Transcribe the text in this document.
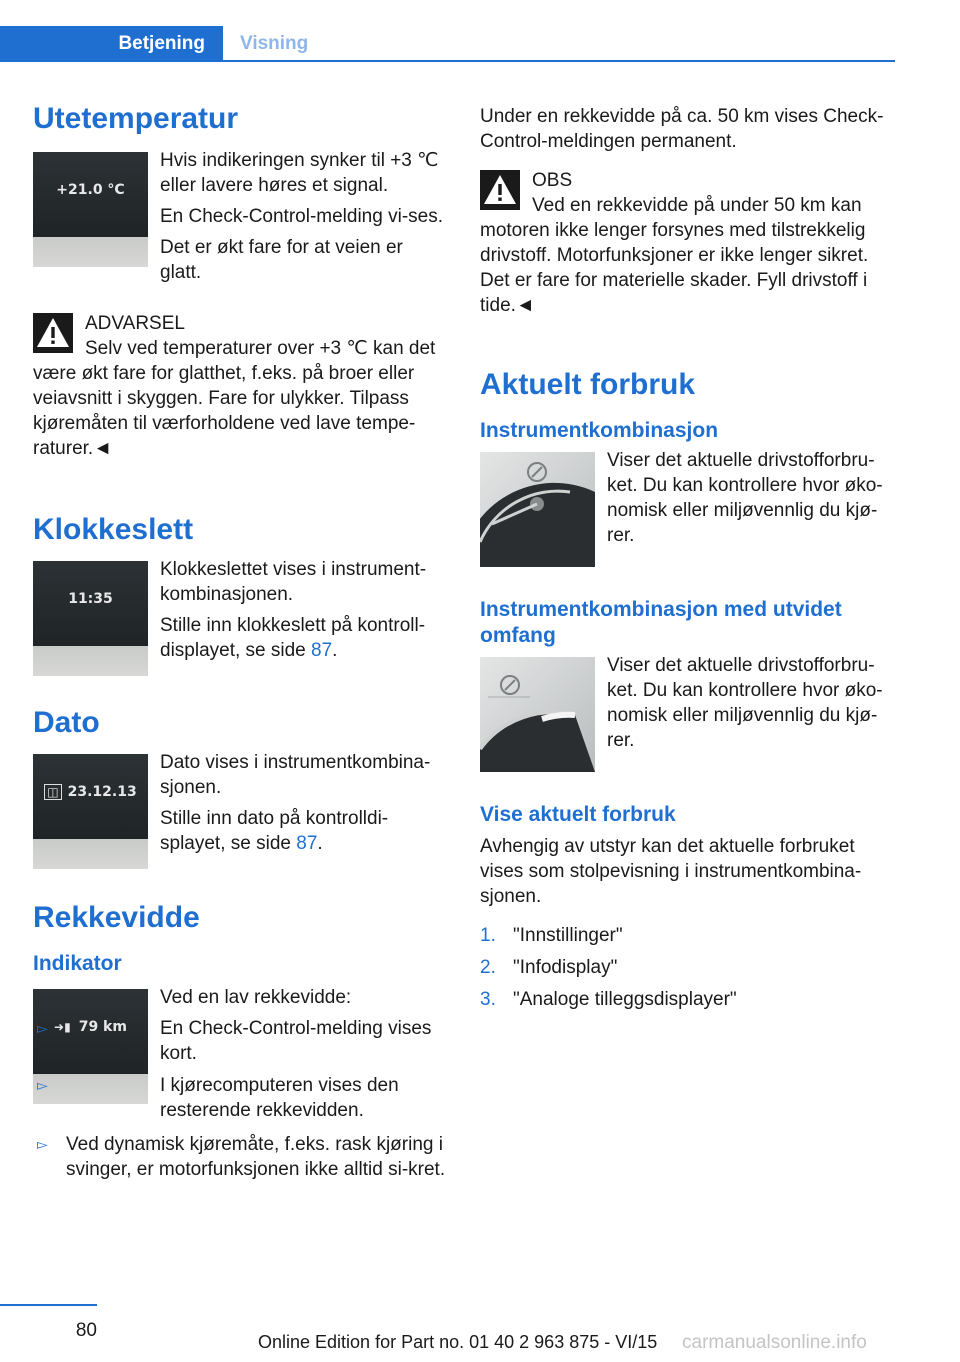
Betjening	Visning
Utetemperatur
+21.0 °C

Hvis indikeringen synker til +3 ℃ eller lavere høres et signal.

En Check-Control-melding vi-ses.

Det er økt fare for at veien er glatt.

ADVARSEL

Selv ved temperaturer over +3 ℃ kan det være økt fare for glatthet, f.eks. på broer eller veiavsnitt i skyggen. Fare for ulykker. Tilpass kjøremåten til værforholdene ved lave tempe-raturer.◄

Klokkeslett
11:35

Klokkeslettet vises i instrument-kombinasjonen.

Stille inn klokkeslett på kontroll-displayet, se side 87.

Dato
◫ 23.12.13

Dato vises i instrumentkombina-sjonen.

Stille inn dato på kontrolldi-splayet, se side 87.

Rekkevidde
Indikator
➜▮ 79 km

Ved en lav rekkevidde:

▻ En Check-Control-melding vises kort.
▻ I kjørecomputeren vises den resterende rekkevidden.
▻ Ved dynamisk kjøremåte, f.eks. rask kjøring i svinger, er motorfunksjonen ikke alltid si-kret.

Under en rekkevidde på ca. 50 km vises Check-Control-meldingen permanent.

OBS

Ved en rekkevidde på under 50 km kan motoren ikke lenger forsynes med tilstrekkelig drivstoff. Motorfunksjoner er ikke lenger sikret. Det er fare for materielle skader. Fyll drivstoff i tide.◄

Aktuelt forbruk
Instrumentkombinasjon

Viser det aktuelle drivstofforbru-ket. Du kan kontrollere hvor øko-nomisk eller miljøvennlig du kjø-rer.

Instrumentkombinasjon med utvidet omfang

Viser det aktuelle drivstofforbru-ket. Du kan kontrollere hvor øko-nomisk eller miljøvennlig du kjø-rer.

Vise aktuelt forbruk

Avhengig av utstyr kan det aktuelle forbruket vises som stolpevisning i instrumentkombina-sjonen.

1. "Innstillinger"
2. "Infodisplay"
3. "Analoge tilleggsdisplayer"
80
Online Edition for Part no. 01 40 2 963 875 - VI/15 carmanualsonline.info
